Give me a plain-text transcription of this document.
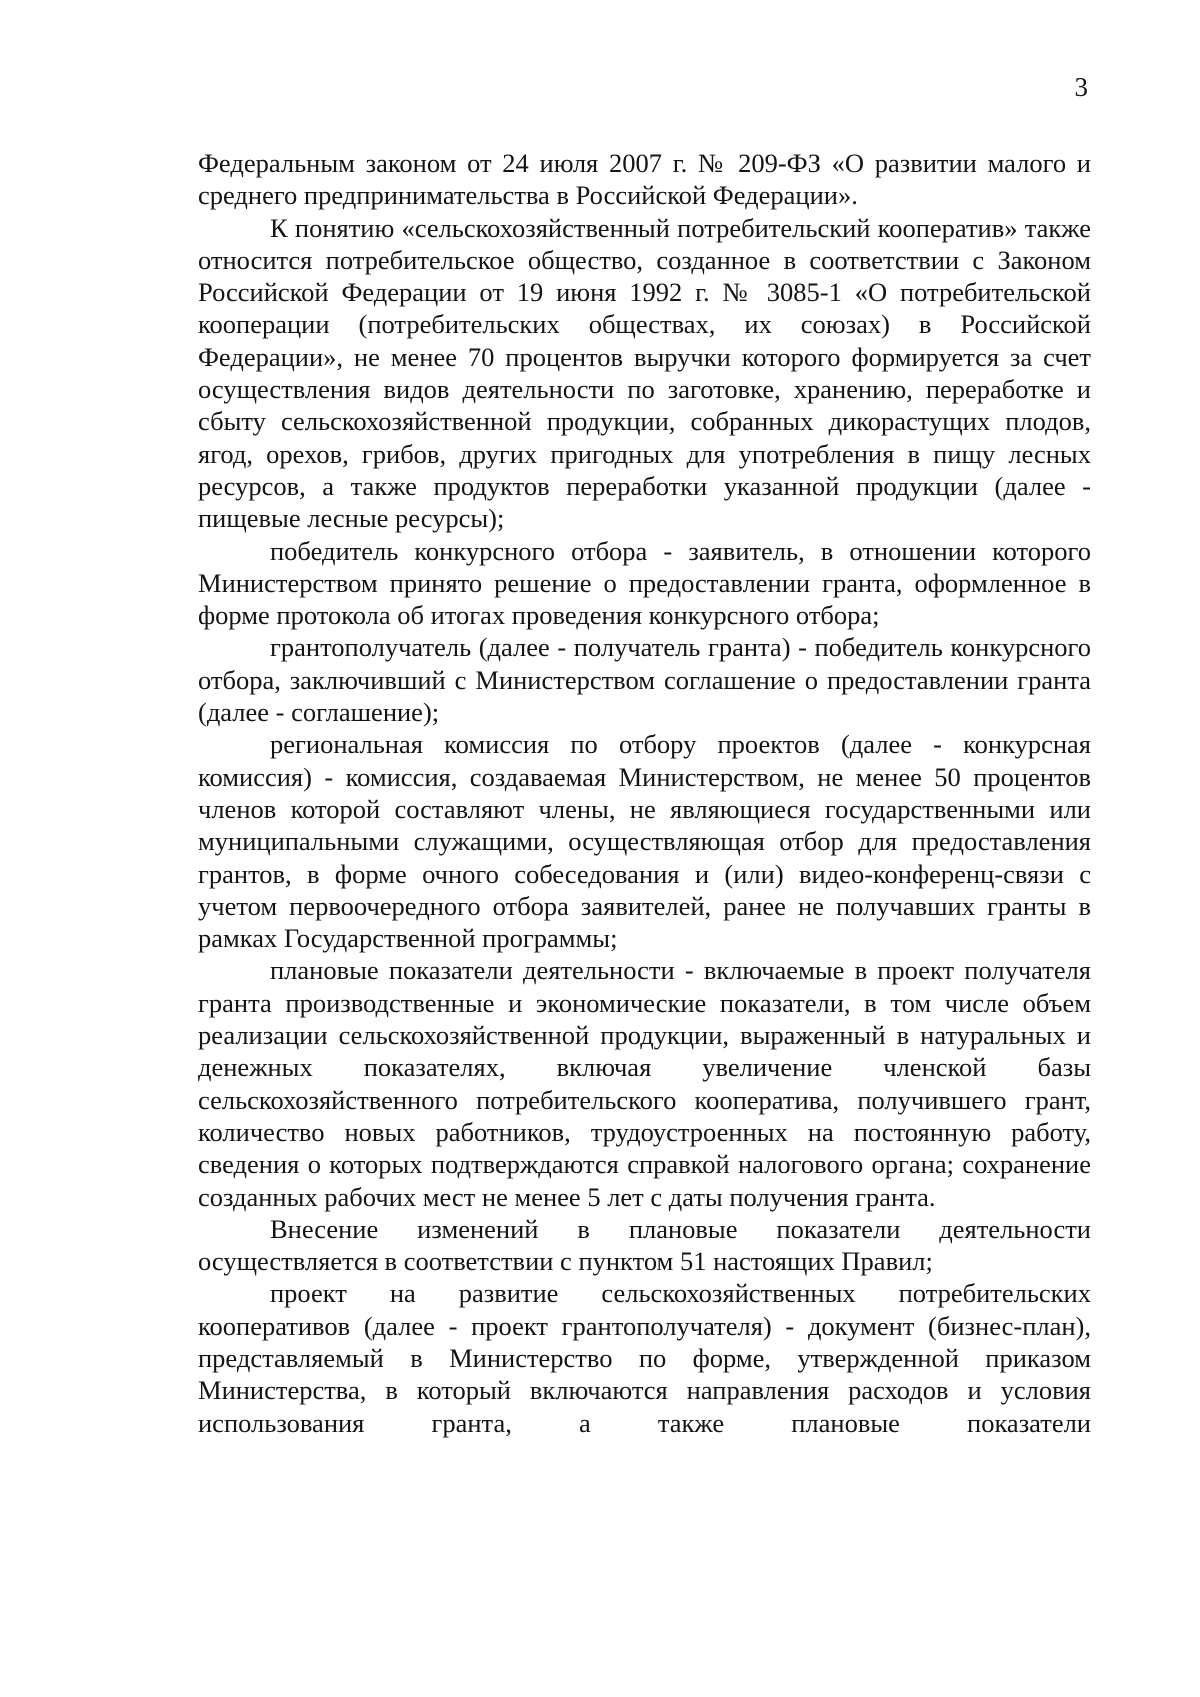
3

Федеральным законом от 24 июля 2007 г. № 209-ФЗ «О развитии малого и среднего предпринимательства в Российской Федерации».

К понятию «сельскохозяйственный потребительский кооператив» также относится потребительское общество, созданное в соответствии с Законом Российской Федерации от 19 июня 1992 г. № 3085-1 «О потребительской кооперации (потребительских обществах, их союзах) в Российской Федерации», не менее 70 процентов выручки которого формируется за счет осуществления видов деятельности по заготовке, хранению, переработке и сбыту сельскохозяйственной продукции, собранных дикорастущих плодов, ягод, орехов, грибов, других пригодных для употребления в пищу лесных ресурсов, а также продуктов переработки указанной продукции (далее - пищевые лесные ресурсы);

победитель конкурсного отбора - заявитель, в отношении которого Министерством принято решение о предоставлении гранта, оформленное в форме протокола об итогах проведения конкурсного отбора;

грантополучатель (далее - получатель гранта) - победитель конкурсного отбора, заключивший с Министерством соглашение о предоставлении гранта (далее - соглашение);

региональная комиссия по отбору проектов (далее - конкурсная комиссия) - комиссия, создаваемая Министерством, не менее 50 процентов членов которой составляют члены, не являющиеся государственными или муниципальными служащими, осуществляющая отбор для предоставления грантов, в форме очного собеседования и (или) видео-конференц-связи с учетом первоочередного отбора заявителей, ранее не получавших гранты в рамках Государственной программы;

плановые показатели деятельности - включаемые в проект получателя гранта производственные и экономические показатели, в том числе объем реализации сельскохозяйственной продукции, выраженный в натуральных и денежных показателях, включая увеличение членской базы сельскохозяйственного потребительского кооператива, получившего грант, количество новых работников, трудоустроенных на постоянную работу, сведения о которых подтверждаются справкой налогового органа; сохранение созданных рабочих мест не менее 5 лет с даты получения гранта.

Внесение изменений в плановые показатели деятельности осуществляется в соответствии с пунктом 51 настоящих Правил;

проект на развитие сельскохозяйственных потребительских кооперативов (далее - проект грантополучателя) - документ (бизнес-план), представляемый в Министерство по форме, утвержденной приказом Министерства, в который включаются направления расходов и условия использования гранта, а также плановые показатели
